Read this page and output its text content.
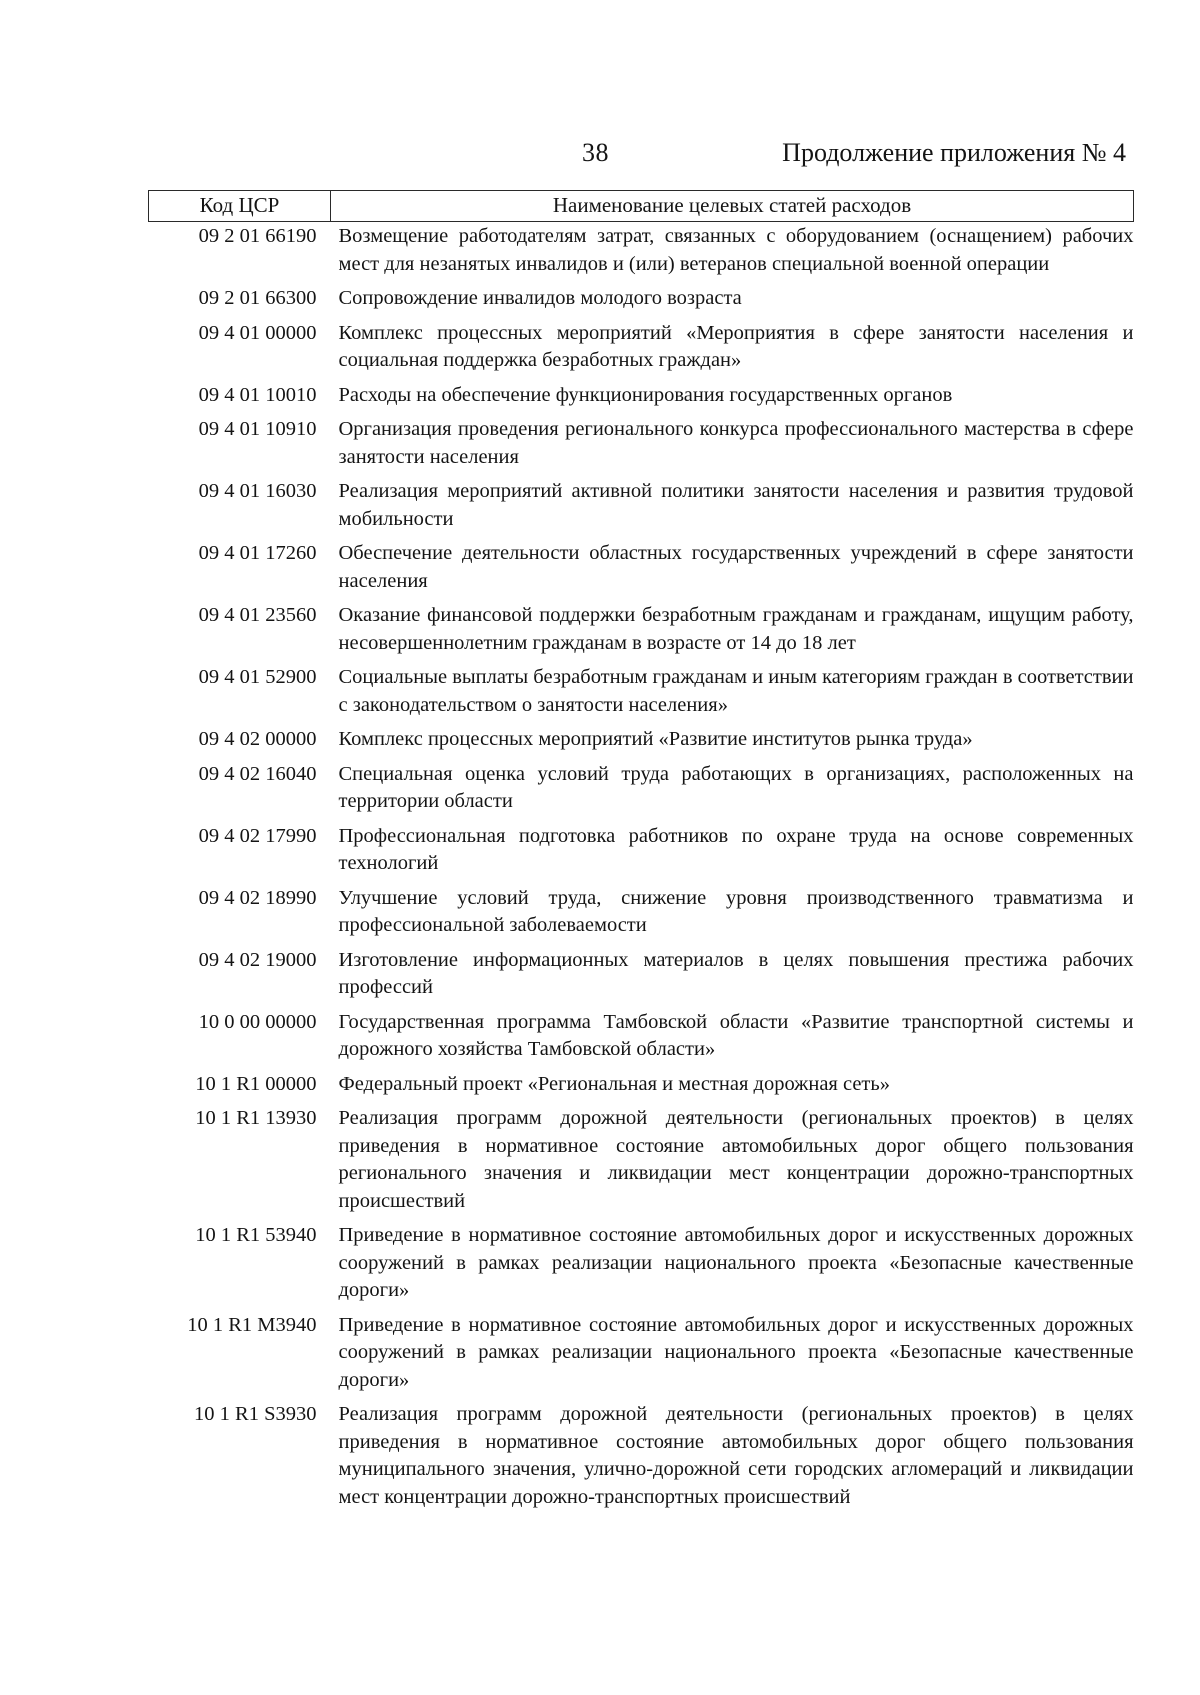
38	Продолжение приложения № 4
Код ЦСР	Наименование целевых статей расходов
09 2 01 66190	Возмещение работодателям затрат, связанных с оборудованием (оснащением) рабочих мест для незанятых инвалидов и (или) ветеранов специальной военной операции
09 2 01 66300	Сопровождение инвалидов молодого возраста
09 4 01 00000	Комплекс процессных мероприятий «Мероприятия в сфере занятости населения и социальная поддержка безработных граждан»
09 4 01 10010	Расходы на обеспечение функционирования государственных органов
09 4 01 10910	Организация проведения регионального конкурса профессионального мастерства в сфере занятости населения
09 4 01 16030	Реализация мероприятий активной политики занятости населения и развития трудовой мобильности
09 4 01 17260	Обеспечение деятельности областных государственных учреждений в сфере занятости населения
09 4 01 23560	Оказание финансовой поддержки безработным гражданам и гражданам, ищущим работу, несовершеннолетним гражданам в возрасте от 14 до 18 лет
09 4 01 52900	Социальные выплаты безработным гражданам и иным категориям граждан в соответствии с законодательством о занятости населения»
09 4 02 00000	Комплекс процессных мероприятий «Развитие институтов рынка труда»
09 4 02 16040	Специальная оценка условий труда работающих в организациях, расположенных на территории области
09 4 02 17990	Профессиональная подготовка работников по охране труда на основе современных технологий
09 4 02 18990	Улучшение условий труда, снижение уровня производственного травматизма и профессиональной заболеваемости
09 4 02 19000	Изготовление информационных материалов в целях повышения престижа рабочих профессий
10 0 00 00000	Государственная программа Тамбовской области «Развитие транспортной системы и дорожного хозяйства Тамбовской области»
10 1 R1 00000	Федеральный проект «Региональная и местная дорожная сеть»
10 1 R1 13930	Реализация программ дорожной деятельности (региональных проектов) в целях приведения в нормативное состояние автомобильных дорог общего пользования регионального значения и ликвидации мест концентрации дорожно-транспортных происшествий
10 1 R1 53940	Приведение в нормативное состояние автомобильных дорог и искусственных дорожных сооружений в рамках реализации национального проекта «Безопасные качественные дороги»
10 1 R1 M3940	Приведение в нормативное состояние автомобильных дорог и искусственных дорожных сооружений в рамках реализации национального проекта «Безопасные качественные дороги»
10 1 R1 S3930	Реализация программ дорожной деятельности (региональных проектов) в целях приведения в нормативное состояние автомобильных дорог общего пользования муниципального значения, улично-дорожной сети городских агломераций и ликвидации мест концентрации дорожно-транспортных происшествий
